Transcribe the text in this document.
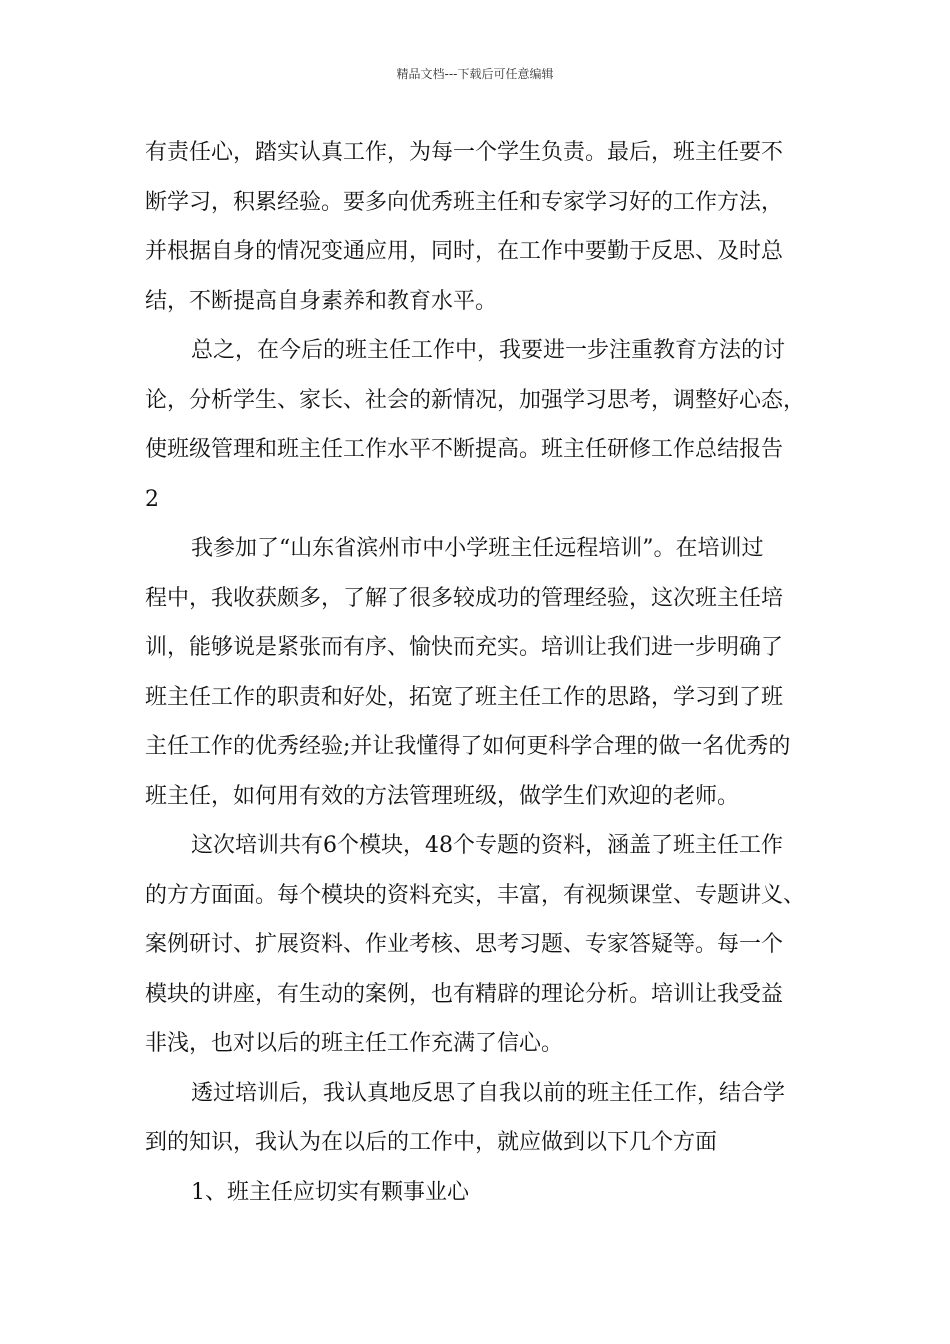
精品文档---下载后可任意编辑
有责任心，踏实认真工作，为每一个学生负责。最后，班主任要不
断学习，积累经验。要多向优秀班主任和专家学习好的工作方法，
并根据自身的情况变通应用，同时，在工作中要勤于反思、及时总
结，不断提高自身素养和教育水平。
总之，在今后的班主任工作中，我要进一步注重教育方法的讨
论，分析学生、家长、社会的新情况，加强学习思考，调整好心态，
使班级管理和班主任工作水平不断提高。班主任研修工作总结报告
2
我参加了“山东省滨州市中小学班主任远程培训”。在培训过
程中，我收获颇多，了解了很多较成功的管理经验，这次班主任培
训，能够说是紧张而有序、愉快而充实。培训让我们进一步明确了
班主任工作的职责和好处，拓宽了班主任工作的思路，学习到了班
主任工作的优秀经验;并让我懂得了如何更科学合理的做一名优秀的
班主任，如何用有效的方法管理班级，做学生们欢迎的老师。
这次培训共有6个模块，48个专题的资料，涵盖了班主任工作
的方方面面。每个模块的资料充实，丰富，有视频课堂、专题讲义、
案例研讨、扩展资料、作业考核、思考习题、专家答疑等。每一个
模块的讲座，有生动的案例，也有精辟的理论分析。培训让我受益
非浅，也对以后的班主任工作充满了信心。
透过培训后，我认真地反思了自我以前的班主任工作，结合学
到的知识，我认为在以后的工作中，就应做到以下几个方面
1、班主任应切实有颗事业心
